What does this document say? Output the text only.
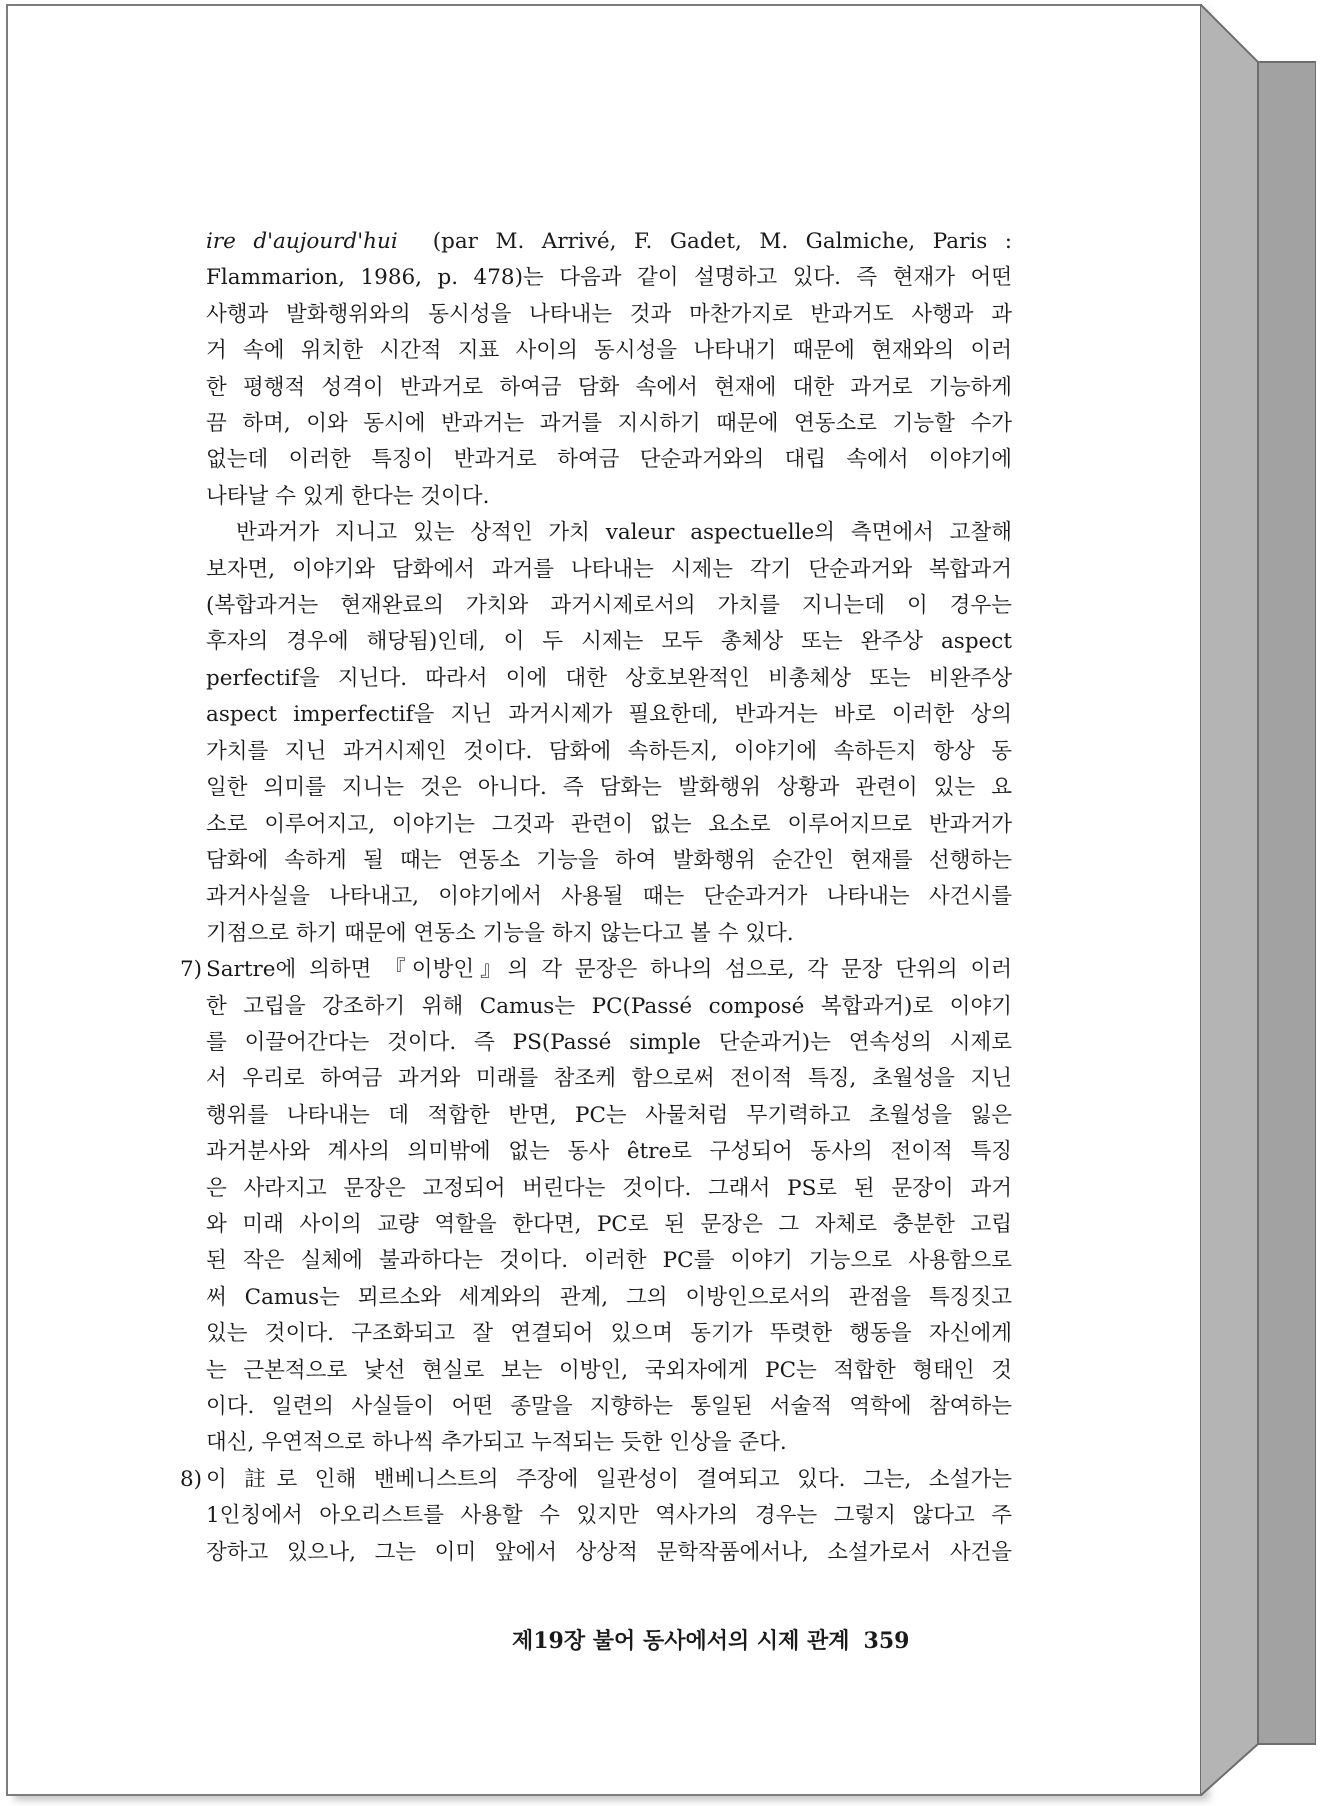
ire d'aujourd'hui  (par M. Arrivé, F. Gadet, M. Galmiche, Paris :
Flammarion, 1986, p. 478)는 다음과 같이 설명하고 있다. 즉 현재가 어떤
사행과 발화행위와의 동시성을 나타내는 것과 마찬가지로 반과거도 사행과 과
거 속에 위치한 시간적 지표 사이의 동시성을 나타내기 때문에 현재와의 이러
한 평행적 성격이 반과거로 하여금 담화 속에서 현재에 대한 과거로 기능하게
끔 하며, 이와 동시에 반과거는 과거를 지시하기 때문에 연동소로 기능할 수가
없는데 이러한 특징이 반과거로 하여금 단순과거와의 대립 속에서 이야기에
나타날 수 있게 한다는 것이다.
반과거가 지니고 있는 상적인 가치 valeur aspectuelle의 측면에서 고찰해
보자면, 이야기와 담화에서 과거를 나타내는 시제는 각기 단순과거와 복합과거
(복합과거는 현재완료의 가치와 과거시제로서의 가치를 지니는데 이 경우는
후자의 경우에 해당됨)인데, 이 두 시제는 모두 총체상 또는 완주상 aspect
perfectif을 지닌다. 따라서 이에 대한 상호보완적인 비총체상 또는 비완주상
aspect imperfectif을 지닌 과거시제가 필요한데, 반과거는 바로 이러한 상의
가치를 지닌 과거시제인 것이다. 담화에 속하든지, 이야기에 속하든지 항상 동
일한 의미를 지니는 것은 아니다. 즉 담화는 발화행위 상황과 관련이 있는 요
소로 이루어지고, 이야기는 그것과 관련이 없는 요소로 이루어지므로 반과거가
담화에 속하게 될 때는 연동소 기능을 하여 발화행위 순간인 현재를 선행하는
과거사실을 나타내고, 이야기에서 사용될 때는 단순과거가 나타내는 사건시를
기점으로 하기 때문에 연동소 기능을 하지 않는다고 볼 수 있다.
7) Sartre에 의하면 『이방인』의 각 문장은 하나의 섬으로, 각 문장 단위의 이러
한 고립을 강조하기 위해 Camus는 PC(Passé composé 복합과거)로 이야기
를 이끌어간다는 것이다. 즉 PS(Passé simple 단순과거)는 연속성의 시제로
서 우리로 하여금 과거와 미래를 참조케 함으로써 전이적 특징, 초월성을 지닌
행위를 나타내는 데 적합한 반면, PC는 사물처럼 무기력하고 초월성을 잃은
과거분사와 계사의 의미밖에 없는 동사 être로 구성되어 동사의 전이적 특징
은 사라지고 문장은 고정되어 버린다는 것이다. 그래서 PS로 된 문장이 과거
와 미래 사이의 교량 역할을 한다면, PC로 된 문장은 그 자체로 충분한 고립
된 작은 실체에 불과하다는 것이다. 이러한 PC를 이야기 기능으로 사용함으로
써 Camus는 뫼르소와 세계와의 관계, 그의 이방인으로서의 관점을 특징짓고
있는 것이다. 구조화되고 잘 연결되어 있으며 동기가 뚜렷한 행동을 자신에게
는 근본적으로 낯선 현실로 보는 이방인, 국외자에게 PC는 적합한 형태인 것
이다. 일련의 사실들이 어떤 종말을 지향하는 통일된 서술적 역학에 참여하는
대신, 우연적으로 하나씩 추가되고 누적되는 듯한 인상을 준다.
8) 이 註로 인해 밴베니스트의 주장에 일관성이 결여되고 있다. 그는, 소설가는
1인칭에서 아오리스트를 사용할 수 있지만 역사가의 경우는 그렇지 않다고 주
장하고 있으나, 그는 이미 앞에서 상상적 문학작품에서나, 소설가로서 사건을
제19장 불어 동사에서의 시제 관계 359
